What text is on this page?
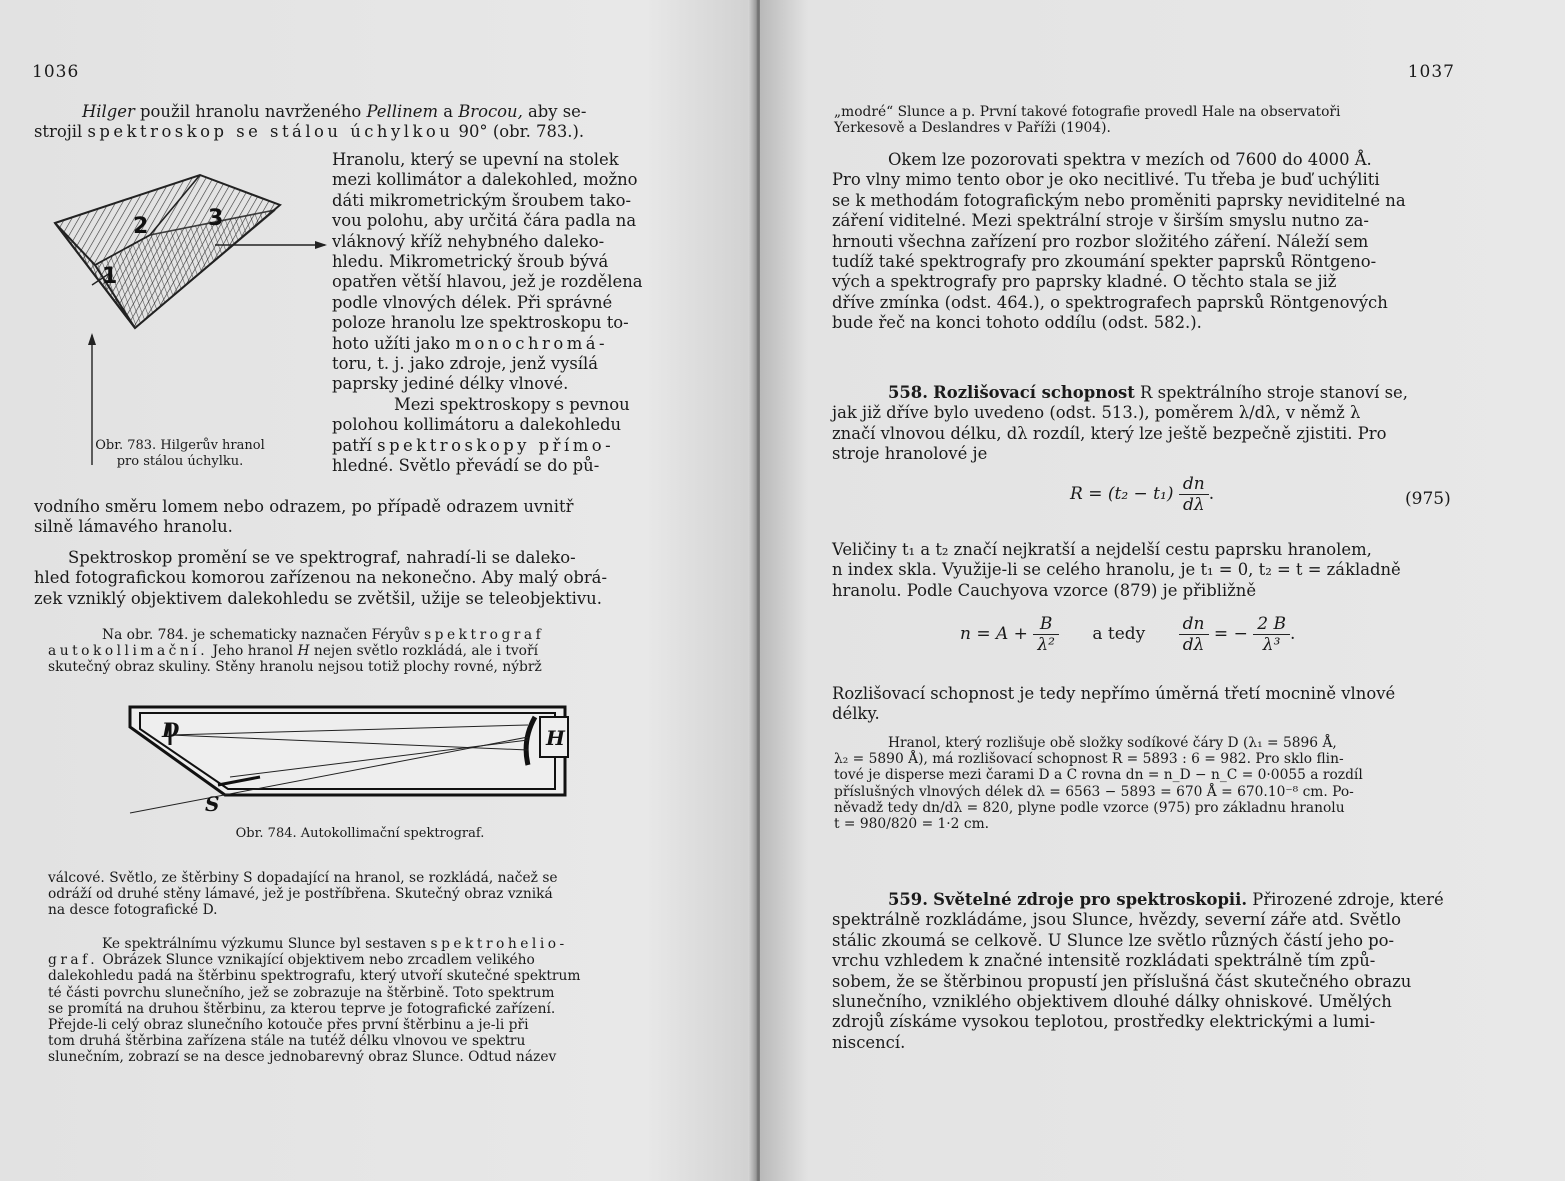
1036

Hilger použil hranolu navrženého Pellinem a Brocou, aby se-

strojil spektroskop se stálou úchylkou 90° (obr. 783.).
1
2	3
Obr. 783. Hilgerův hranol
pro stálou úchylku.

Hranolu, který se upevní na stolek

mezi kollimátor a dalekohled, možno

dáti mikrometrickým šroubem tako-

vou polohu, aby určitá čára padla na

vláknový kříž nehybného daleko-

hledu. Mikrometrický šroub bývá

opatřen větší hlavou, jež je rozdělena

podle vlnových délek. Při správné

poloze hranolu lze spektroskopu to-

hoto užíti jako monochromá-

toru, t. j. jako zdroje, jenž vysílá

paprsky jediné délky vlnové.

Mezi spektroskopy s pevnou

polohou kollimátoru a dalekohledu

patří spektroskopy přímo-

hledné. Světlo převádí se do pů-

vodního směru lomem nebo odrazem, po případě odrazem uvnitř

silně lámavého hranolu.

Spektroskop promění se ve spektrograf, nahradí-li se daleko-

hled fotografickou komorou zařízenou na nekonečno. Aby malý obrá-

zek vzniklý objektivem dalekohledu se zvětšil, užije se teleobjektivu.

Na obr. 784. je schematicky naznačen Féryův spektrograf

autokollimační. Jeho hranol H nejen světlo rozkládá, ale i tvoří

skutečný obraz skuliny. Stěny hranolu nejsou totiž plochy rovné, nýbrž

D	H
S
Obr. 784. Autokollimační spektrograf.

válcové. Světlo, ze štěrbiny S dopadající na hranol, se rozkládá, načež se

odráží od druhé stěny lámavé, jež je postříbřena. Skutečný obraz vzniká

na desce fotografické D.

Ke spektrálnímu výzkumu Slunce byl sestaven spektrohelio-

graf. Obrázek Slunce vznikající objektivem nebo zrcadlem velikého

dalekohledu padá na štěrbinu spektrografu, který utvoří skutečné spektrum

té části povrchu slunečního, jež se zobrazuje na štěrbině. Toto spektrum

se promítá na druhou štěrbinu, za kterou teprve je fotografické zařízení.

Přejde-li celý obraz slunečního kotouče přes první štěrbinu a je-li při

tom druhá štěrbina zařízena stále na tutéž délku vlnovou ve spektru

slunečním, zobrazí se na desce jednobarevný obraz Slunce. Odtud název

1037

„modré“ Slunce a p. První takové fotografie provedl Hale na observatoři

Yerkesově a Deslandres v Paříži (1904).

Okem lze pozorovati spektra v mezích od 7600 do 4000 Å.

Pro vlny mimo tento obor je oko necitlivé. Tu třeba je buď uchýliti

se k methodám fotografickým nebo proměniti paprsky neviditelné na

záření viditelné. Mezi spektrální stroje v širším smyslu nutno za-

hrnouti všechna zařízení pro rozbor složitého záření. Náleží sem

tudíž také spektrografy pro zkoumání spekter paprsků Röntgeno-

vých a spektrografy pro paprsky kladné. O těchto stala se již

dříve zmínka (odst. 464.), o spektrografech paprsků Röntgenových

bude řeč na konci tohoto oddílu (odst. 582.).

558. Rozlišovací schopnost R spektrálního stroje stanoví se,

jak již dříve bylo uvedeno (odst. 513.), poměrem λ/dλ, v němž λ

značí vlnovou délku, dλ rozdíl, který lze ještě bezpečně zjistiti. Pro

stroje hranolové je

$R = (t_2 - t_1) \frac{dn}{d\lambda}$ .	(975)

Veličiny t₁ a t₂ značí nejkratší a nejdelší cestu paprsku hranolem,

n index skla. Využije-li se celého hranolu, je t₁ = 0, t₂ = t = základně

hranolu. Podle Cauchyova vzorce (879) je přibližně

$n = A + \frac{B}{\text{λ²}}$ a tedy $\frac{dn}{d\lambda}$ = − $\frac{2 B}{\text{λ³}}$ .

Rozlišovací schopnost je tedy nepřímo úměrná třetí mocnině vlnové

délky.

Hranol, který rozlišuje obě složky sodíkové čáry D (λ₁ = 5896 Å,

λ₂ = 5890 Å), má rozlišovací schopnost R = 5893 : 6 = 982. Pro sklo flin-

tové je disperse mezi čarami D a C rovna dn = n_D − n_C = 0·0055 a rozdíl

příslušných vlnových délek dλ = 6563 − 5893 = 670 Å = 670.10⁻⁸ cm. Po-

něvadž tedy dn/dλ = 820, plyne podle vzorce (975) pro základnu hranolu

t = 980/820 = 1·2 cm.

559. Světelné zdroje pro spektroskopii. Přirozené zdroje, které

spektrálně rozkládáme, jsou Slunce, hvězdy, severní záře atd. Světlo

stálic zkoumá se celkově. U Slunce lze světlo různých částí jeho po-

vrchu vzhledem k značné intensitě rozkládati spektrálně tím způ-

sobem, že se štěrbinou propustí jen příslušná část skutečného obrazu

slunečního, vzniklého objektivem dlouhé dálky ohniskové. Umělých

zdrojů získáme vysokou teplotou, prostředky elektrickými a lumi-

niscencí.
